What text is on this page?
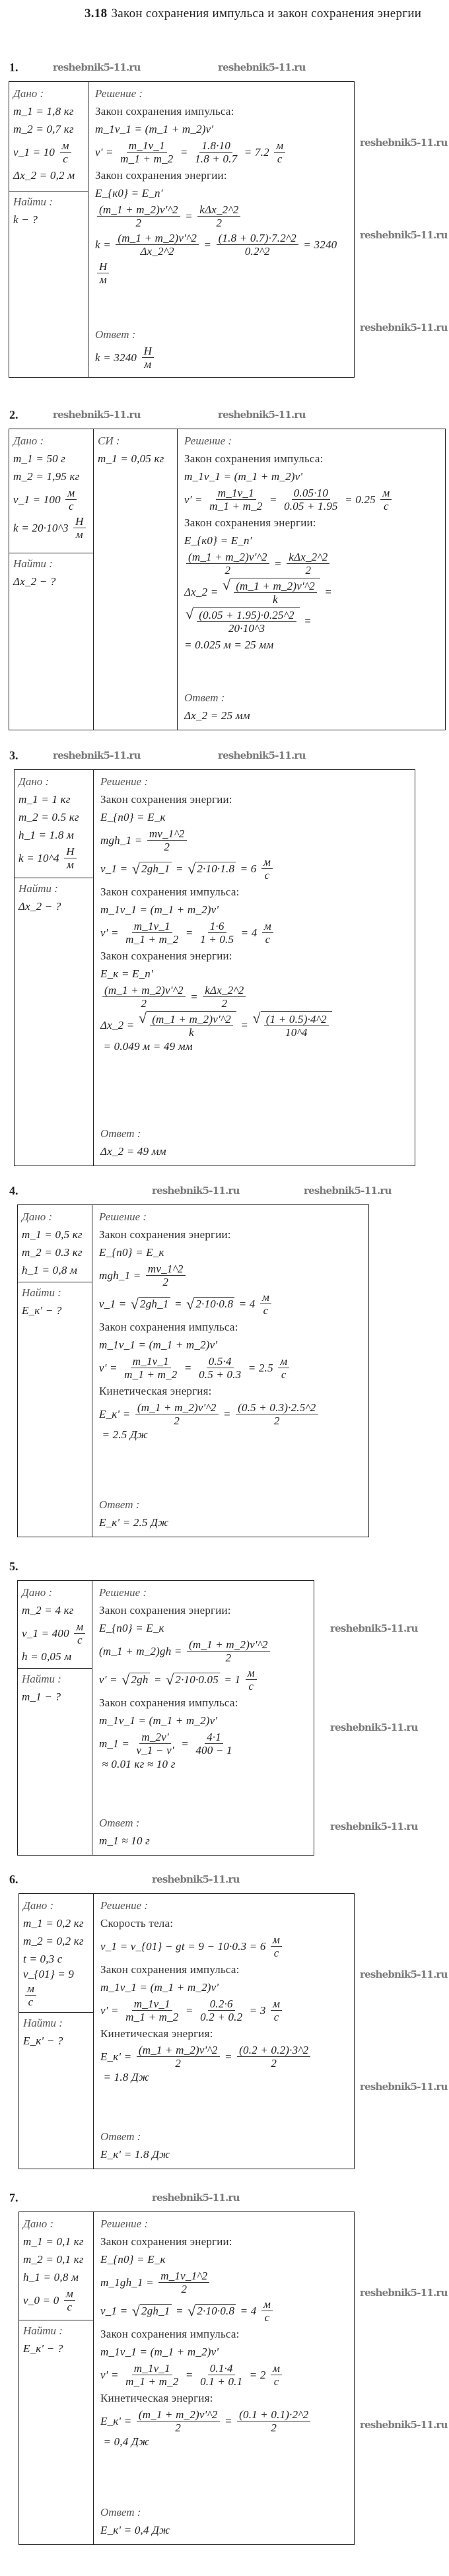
3.18 Закон сохранения импульса и закон сохранения энергии
1.
Дано :
m_1 = 1,8 кг
m_2 = 0,7 кг
v_1 = $10 \frac{м}{с}$
Δx_2 = 0,2 м
Найти :
k − ?
Решение :
Закон сохранения импульса:
m_1v_1 = (m_1 + m_2)v'
$v' = \frac{m\_1v\_1}{m\_1 + m\_2} = \frac{1.8\cdot 10}{1.8 + 0.7} = 7.2 \frac{м}{с}$
Закон сохранения энергии:
E_{к0} = E_п'
$\frac{(m\_1 + m\_2)v'\^{}2}{2} = \frac{\text{kΔx\_2\textasciicircum{}2}}{2}$
$k = \frac{(m\_1 + m\_2)v'\^{}2}{\Delta x\_2\^{}2} = \frac{(1.8 + 0.7)\cdot 7.2\^{}2}{0.2\^{}2} = 3240$
$\frac{Н}{м}$
Ответ :
$k = 3240 \frac{Н}{м}$
reshebnik5-11.ru	reshebnik5-11.ru
reshebnik5-11.ru
reshebnik5-11.ru
reshebnik5-11.ru
2.
Дано :
m_1 = 50 г
m_2 = 1,95 кг
v_1 = $100 \frac{м}{с}$
k = 20·10^3 $\frac{Н}{м}$
Найти :
Δx_2 − ?
СИ :
m_1 = 0,05 кг
Решение :
Закон сохранения импульса:
m_1v_1 = (m_1 + m_2)v'
$v' = \frac{m\_1v\_1}{m\_1 + m\_2} = \frac{0.05\cdot 10}{0.05 + 1.95} = 0.25 \frac{м}{с}$
Закон сохранения энергии:
E_{к0} = E_п'
$\frac{(m\_1 + m\_2)v'\^{}2}{2} = \frac{\text{kΔx\_2\textasciicircum{}2}}{2}$
Δx_2 = √ $\frac{(m\_1 + m\_2)v'\^{}2}{k}$ =
√ $\frac{(0.05 + 1.95)\cdot 0.25\^{}2}{20\cdot 10\^{}3}$ =
= 0.025 м = 25 мм
Ответ :
Δx_2 = 25 мм
reshebnik5-11.ru	reshebnik5-11.ru
3.
Дано :
m_1 = 1 кг
m_2 = 0.5 кг
h_1 = 1.8 м
k = 10^4 $\frac{Н}{м}$
Найти :
Δx_2 − ?
Решение :
Закон сохранения энергии:
E_{п0} = E_к
mgh_1 = $\frac{mv\_1\^{}2}{2}$
v_1 = √ 2gh_1 = √ $2\cdot 10\cdot 1.8 = 6 \frac{м}{с}$
Закон сохранения импульса:
m_1v_1 = (m_1 + m_2)v'
$v' = \frac{m\_1v\_1}{m\_1 + m\_2} = \frac{1\cdot 6}{1 + 0.5} = 4 \frac{м}{с}$
Закон сохранения энергии:
E_к = E_п'
$\frac{(m\_1 + m\_2)v'\^{}2}{2} = \frac{\text{kΔx\_2\textasciicircum{}2}}{2}$
Δx_2 = √ $\frac{(m\_1 + m\_2)v'\^{}2}{k}$ = √ $\frac{(1 + 0.5)\cdot 4\^{}2}{10\^{}4}$
= 0.049 м = 49 мм
Ответ :
Δx_2 = 49 мм
reshebnik5-11.ru	reshebnik5-11.ru
4.
Дано :
m_1 = 0,5 кг
m_2 = 0.3 кг
h_1 = 0,8 м
Найти :
E_к' − ?
Решение :
Закон сохранения энергии:
E_{п0} = E_к
mgh_1 = $\frac{mv\_1\^{}2}{2}$
v_1 = √ 2gh_1 = √ $2\cdot 10\cdot 0.8 = 4 \frac{м}{с}$
Закон сохранения импульса:
m_1v_1 = (m_1 + m_2)v'
$v' = \frac{m\_1v\_1}{m\_1 + m\_2} = \frac{0.5\cdot 4}{0.5 + 0.3} = 2.5 \frac{м}{с}$
Кинетическая энергия:
E_к' = $\frac{(m\_1 + m\_2)v'\^{}2}{2} = \frac{(0.5 + 0.3)\cdot 2.5\^{}2}{2}$
= 2.5 Дж
Ответ :
E_к' = 2.5 Дж
reshebnik5-11.ru	reshebnik5-11.ru
5.
Дано :
m_2 = 4 кг
v_1 = $400 \frac{м}{с}$
h = 0,05 м
Найти :
m_1 − ?
Решение :
Закон сохранения энергии:
E_{п0} = E_к
(m_1 + m_2)gh = $\frac{(m\_1 + m\_2)v'\^{}2}{2}$
v' = √ 2gh = √ $2\cdot 10\cdot 0.05 = 1 \frac{м}{с}$
Закон сохранения импульса:
m_1v_1 = (m_1 + m_2)v'
m_1 = $\frac{m\_2v'}{v\_1 - v'} = \frac{4\cdot 1}{400 - 1}$
≈ 0.01 кг ≈ 10 г
Ответ :
m_1 ≈ 10 г
reshebnik5-11.ru
reshebnik5-11.ru
reshebnik5-11.ru
6.
Дано :
m_1 = 0,2 кг
m_2 = 0,2 кг
t = 0,3 с
v_{01} = 9
$\frac{м}{с}$
Найти :
E_к' − ?
Решение :
Скорость тела:
v_1 = v_{01} − gt = $9 - 10\cdot 0.3 = 6 \frac{м}{с}$
Закон сохранения импульса:
m_1v_1 = (m_1 + m_2)v'
$v' = \frac{m\_1v\_1}{m\_1 + m\_2} = \frac{0.2\cdot 6}{0.2 + 0.2} = 3 \frac{м}{с}$
Кинетическая энергия:
E_к' = $\frac{(m\_1 + m\_2)v'\^{}2}{2} = \frac{(0.2 + 0.2)\cdot 3\^{}2}{2}$
= 1.8 Дж
Ответ :
E_к' = 1.8 Дж
reshebnik5-11.ru
reshebnik5-11.ru
reshebnik5-11.ru
7.
Дано :
m_1 = 0,1 кг
m_2 = 0,1 кг
h_1 = 0,8 м
v_0 = $0 \frac{м}{с}$
Найти :
E_к' − ?
Решение :
Закон сохранения энергии:
E_{п0} = E_к
m_1gh_1 = $\frac{m\_1v\_1\^{}2}{2}$
v_1 = √ 2gh_1 = √ $2\cdot 10\cdot 0.8 = 4 \frac{м}{с}$
Закон сохранения импульса:
m_1v_1 = (m_1 + m_2)v'
$v' = \frac{m\_1v\_1}{m\_1 + m\_2} = \frac{0.1\cdot 4}{0.1 + 0.1} = 2 \frac{м}{с}$
Кинетическая энергия:
E_к' = $\frac{(m\_1 + m\_2)v'\^{}2}{2} = \frac{(0.1 + 0.1)\cdot 2\^{}2}{2}$
= 0,4 Дж
Ответ :
E_к' = 0,4 Дж
reshebnik5-11.ru
reshebnik5-11.ru
reshebnik5-11.ru
